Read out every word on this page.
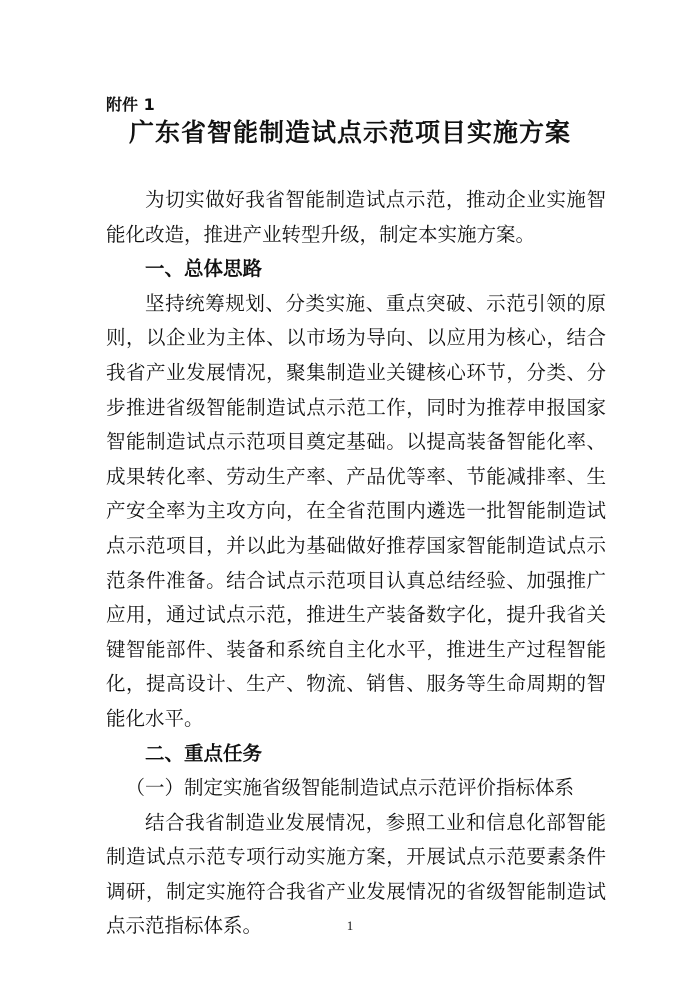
附件 1
广东省智能制造试点示范项目实施方案

为切实做好我省智能制造试点示范，推动企业实施智能化改造，推进产业转型升级，制定本实施方案。

一、总体思路

坚持统筹规划、分类实施、重点突破、示范引领的原则，以企业为主体、以市场为导向、以应用为核心，结合我省产业发展情况，聚集制造业关键核心环节，分类、分步推进省级智能制造试点示范工作，同时为推荐申报国家智能制造试点示范项目奠定基础。以提高装备智能化率、成果转化率、劳动生产率、产品优等率、节能减排率、生产安全率为主攻方向，在全省范围内遴选一批智能制造试点示范项目，并以此为基础做好推荐国家智能制造试点示范条件准备。结合试点示范项目认真总结经验、加强推广应用，通过试点示范，推进生产装备数字化，提升我省关键智能部件、装备和系统自主化水平，推进生产过程智能化，提高设计、生产、物流、销售、服务等生命周期的智能化水平。

二、重点任务

（一）制定实施省级智能制造试点示范评价指标体系

结合我省制造业发展情况，参照工业和信息化部智能制造试点示范专项行动实施方案，开展试点示范要素条件调研，制定实施符合我省产业发展情况的省级智能制造试点示范指标体系。	1
